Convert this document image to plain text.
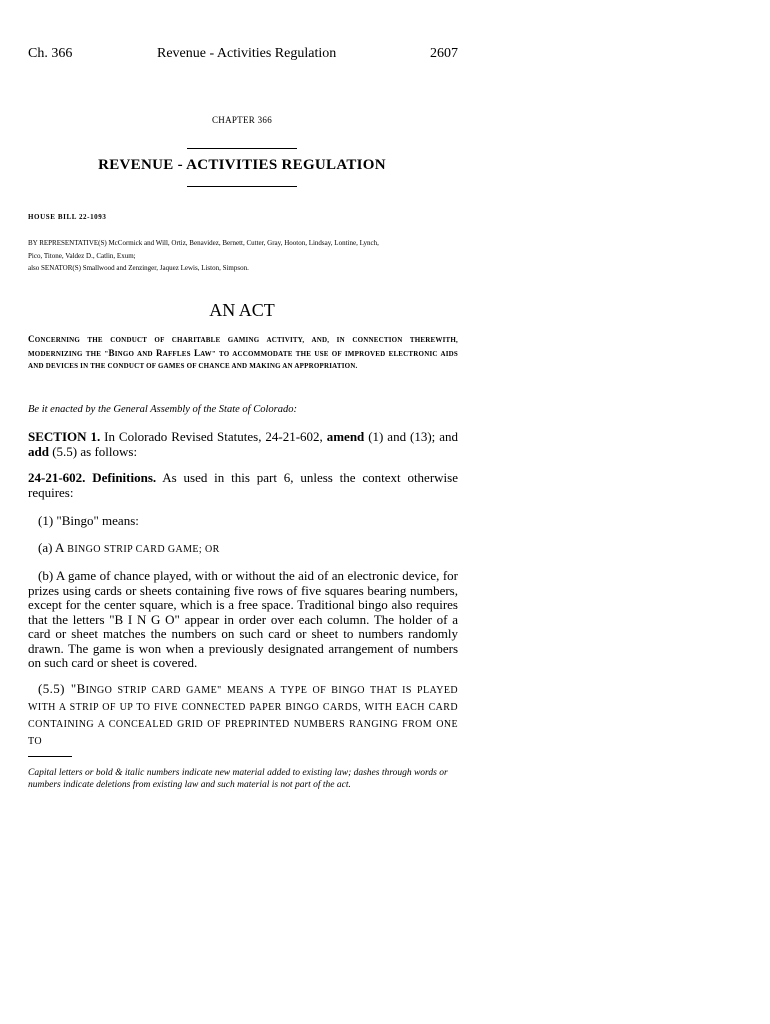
Ch. 366	Revenue - Activities Regulation	2607
CHAPTER 366
REVENUE - ACTIVITIES REGULATION
HOUSE BILL 22-1093
BY REPRESENTATIVE(S) McCormick and Will, Ortiz, Benavidez, Bernett, Cutter, Gray, Hooton, Lindsay, Lontine, Lynch,
Pico, Titone, Valdez D., Catlin, Exum;
also SENATOR(S) Smallwood and Zenzinger, Jaquez Lewis, Liston, Simpson.
AN ACT
CONCERNING THE CONDUCT OF CHARITABLE GAMING ACTIVITY, AND, IN CONNECTION THEREWITH, MODERNIZING THE "BINGO AND RAFFLES LAW" TO ACCOMMODATE THE USE OF IMPROVED ELECTRONIC AIDS AND DEVICES IN THE CONDUCT OF GAMES OF CHANCE AND MAKING AN APPROPRIATION.
Be it enacted by the General Assembly of the State of Colorado:
SECTION 1. In Colorado Revised Statutes, 24-21-602, amend (1) and (13); and add (5.5) as follows:
24-21-602. Definitions. As used in this part 6, unless the context otherwise requires:
(1) "Bingo" means:
(a) A BINGO STRIP CARD GAME; OR
(b) A game of chance played, with or without the aid of an electronic device, for prizes using cards or sheets containing five rows of five squares bearing numbers, except for the center square, which is a free space. Traditional bingo also requires that the letters "B I N G O" appear in order over each column. The holder of a card or sheet matches the numbers on such card or sheet to numbers randomly drawn. The game is won when a previously designated arrangement of numbers on such card or sheet is covered.
(5.5) "BINGO STRIP CARD GAME" MEANS A TYPE OF BINGO THAT IS PLAYED WITH A STRIP OF UP TO FIVE CONNECTED PAPER BINGO CARDS, WITH EACH CARD CONTAINING A CONCEALED GRID OF PREPRINTED NUMBERS RANGING FROM ONE TO
Capital letters or bold & italic numbers indicate new material added to existing law; dashes through words or numbers indicate deletions from existing law and such material is not part of the act.
